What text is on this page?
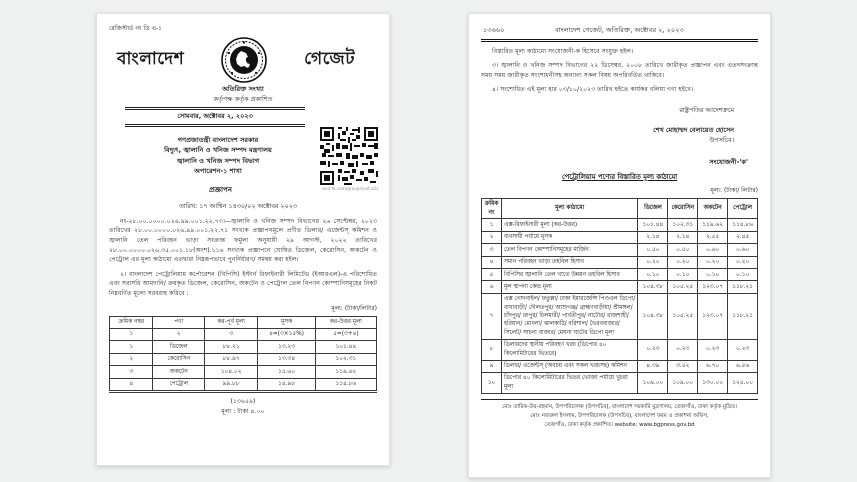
রেজিস্টার্ড নং ডি এ-১
বাংলাদেশ	গেজেট
অতিরিক্ত সংখ্যা
কর্তৃপক্ষ কর্তৃক প্রকাশিত
সোমবার, অক্টোবর ২, ২০২৩
visit fb.com/groups/vat.a2z
গণপ্রজাতন্ত্রী বাংলাদেশ সরকার
বিদ্যুৎ, জ্বালানি ও খনিজ সম্পদ মন্ত্রণালয়
জ্বালানি ও খনিজ সম্পদ বিভাগ
অপারেশন-১ শাখা
প্রজ্ঞাপন
তারিখ: ১৭ আশ্বিন ১৪৩০/০২ অক্টোবর ২০২৩
নং-২৮.০০.০০০০.০২৬.৯৯.০০১.২২.৭৩।—জ্বালানি ও খনিজ সম্পদ বিভাগের ২৬ সেপ্টেম্বর, ২০২৩ তারিখের ২৮.০০.০০০০.০২৬.৯৯.০০১.২২.৭১ সংখ্যক প্রজ্ঞাপনমূলে প্রণীত ডিলার/ এজেন্টস্ কমিশন ও জ্বালানি তেল পরিবহন ভাড়া সংক্রান্ত ফর্মুলা অনুযায়ী ২৯ আগস্ট, ২০২২ তারিখের ২৮.০০.০০০০.০২৬.৩৫.০০১.১৮(অংশ).১১৬ সংখ্যক প্রজ্ঞাপনে ঘোষিত ডিজেল, কেরোসিন, অকটেন ও পেট্রোল এর মূল্য কাঠামো এতদ্বারা নিম্নরূপভাবে পুনর্নির্ধারণ/ সমন্বয় করা হইল।
২। বাংলাদেশ পেট্রোলিয়াম কর্পোরেশন (বিপিসি) ইস্টার্ন রিফাইনারী লিমিটেড (ইআরএল)-এ পরিশোধিত এবং সরাসরি আমদানি/ ক্রয়কৃত ডিজেল, কেরোসিন, অকটেন ও পেট্রোল তেল বিপণন কোম্পানিসমূহের নিকট নিম্নবর্ণিত মূল্যে সরবরাহ করিবে :
মূল্য: (টাকা/লিটার)
ক্রমিক নম্বর	পণ্য	কর-পূর্ব মূল্য	মূসক	কর-উত্তর মূল্য
১	২	৩	৪=(৩×১৫%)	৫=(৩+৪)
১	ডিজেল	৮৮.২১	১৩.২৩	১০১.৪৪
২	কেরোসিন	৮৮.৯৭	১৩.৩৪	১০২.৩১
৩	অকটেন	১০৪.০২	১৫.৬০	১১৯.৬২
৪	পেট্রোল	৯৯.৮৮	১৪.৯৮	১১৪.৮৬
(১৩৬৫৯)
মূল্য : টাকা ৪.০০
১৩৬৬০	বাংলাদেশ গেজেট, অতিরিক্ত, অক্টোবর ২, ২০২৩
বিস্তারিত মূল্য কাঠামো সংযোজনী-ক হিসেবে সংযুক্ত হইল।
৩। জ্বালানি ও খনিজ সম্পদ বিভাগের ২২ ডিসেম্বর, ২০০৮ তারিখে জারীকৃত প্রজ্ঞাপন এবং এতদসংক্রান্ত সময় সময় জারীকৃত সংশোধনীসহ অন্যান্য সকল বিষয় অপরিবর্তিত থাকিবে।
৪। সংশোধিত এই মূল্য হার ০৩/১০/২০২৩ তারিখ হইতে কার্যকর বলিয়া গণ্য হইবে।
রাষ্ট্রপতির আদেশক্রমে
শেখ মোহাম্মদ বেলায়েত হোসেন
উপসচিব।
সংযোজনী-'ক'
পেট্রোলিয়াম পণ্যের বিস্তারিত মূল্য কাঠামো
মূল্য: (টাকা/ লিটার)
ক্রমিক নং	মূল্য কাঠামো	ডিজেল	কেরোসিন	অকটেন	পেট্রোল
১	এক্স-রিফাইনারী মূল্য (কর-উত্তর)	১০১.৪৪	১০২.৩১	১১৯.৬২	১১৪.৮৬
২	ব্যবসায়ী পর্যায়ে মূসক	২.১৪	২.১৪	২.৫৫	২.৪৫
৩	তেল বিপণন কোম্পানিসমূহের মার্জিন	০.৫০	০.৫০	০.৬০	০.৬০
৪	সমান পরিবহন ভাড়া তহবিল হিসাব	০.২০	০.২০	০.২০	০.২০
৫	বিপিসির জ্বালানি তেল খাতে উন্নয়ন তহবিল হিসাব	০.১০	০.১০	০.১০	০.১০
৬	মূল স্থাপনা কেন্দ্র মূল্য	১০৪.৩৮	১০৫.২৫	১২৩.০৭	১১৮.২১
৭	এক্স গোদনাইল/ ফতুল্লা/ ঢাকা ইমারজেন্সি পিওএল ডিপো/ বাঘাবাড়ী/ দৌলতপুর/ আশুগঞ্জ/ ব্রাহ্মণবাড়ীয়া/ শ্রীমঙ্গল/ চাঁদপুর/ রংপুর/ চিলমারী/ পার্বতীপুর/ নাটোর/ রাজশাহী/ হরিয়ান/ মোংলা/ ঝালকাঠি/ বরিশাল/ ভৈরববাজার/ সিলেট/ সাচনা বাজার/ মেঘনা ঘাটের ডিপো মূল্য	১০৪.৩৮	১০৫.২৫	১২৩.০৭	১১৮.২১
৮	ডিলারদের স্থানীয় পরিবহণ খরচ (ডিপোর ৪০ কিলোমিটারের ভিতরে)	০.২৩	০.২৩	০.২৩	০.২৩
৯	ডিলার/ এজেন্টস্ (অবচয় এবং সকল খরচসহ) কমিশন	৪.৩৯	৩.৫২	৬.৭০	৬.৫৬
১০	ডিপোর ৪০ কিলোমিটারের ভিতর ভোক্তা পর্যায়ে খুচরা মূল্য	১০৯.০০	১০৯.০০	১৩০.০০	১২৫.০০
মোঃ তারিক-উর-রহমান, উপপরিচালক (উপসচিব), বাংলাদেশ সরকারি মুদ্রণালয়, তেজগাঁও, ঢাকা কর্তৃক মুদ্রিত।
মোঃ নজরুল ইসলাম, উপপরিচালক (উপসচিব), বাংলাদেশ ফরম ও প্রকাশনা অফিস,
তেজগাঁও, ঢাকা কর্তৃক প্রকাশিত। website: www.bgpress.gov.bd
